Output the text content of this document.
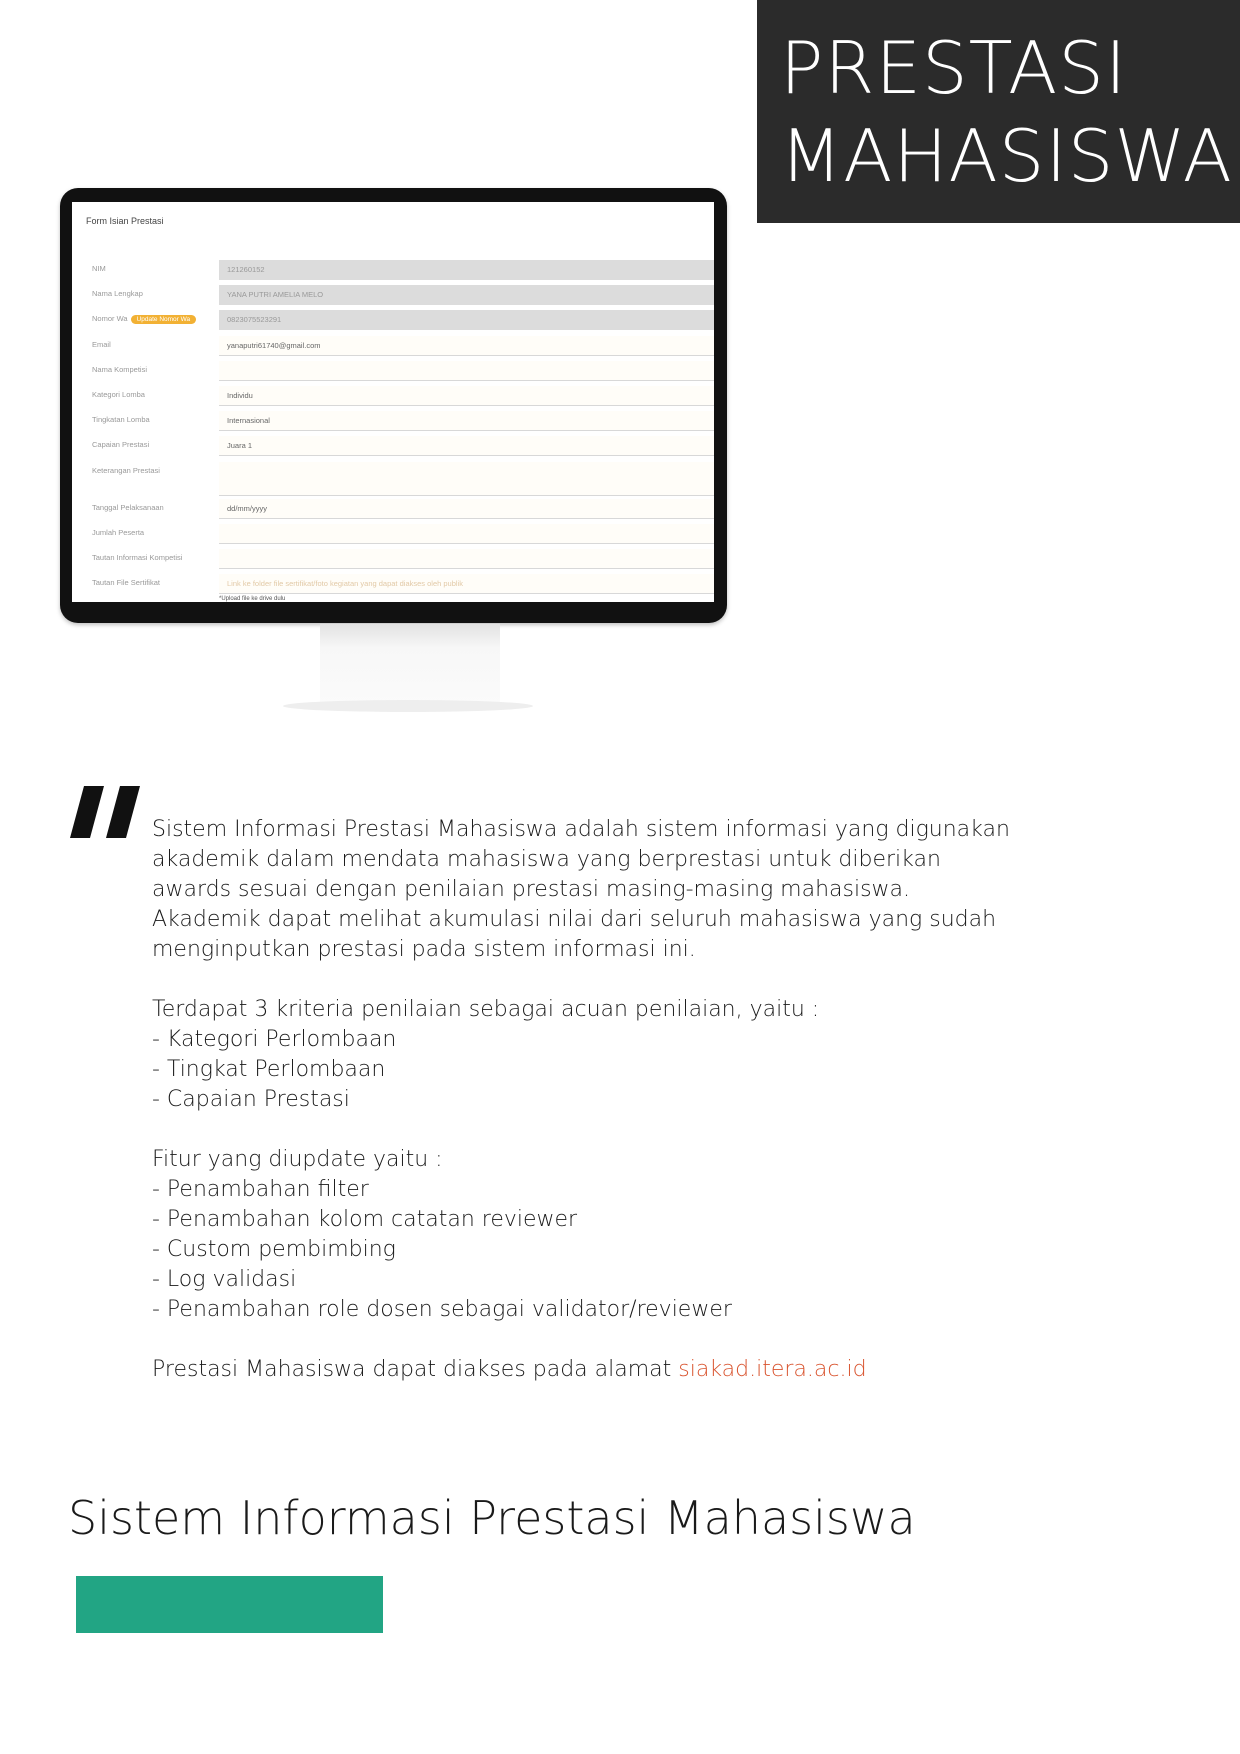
PRESTASI
MAHASISWA
Form Isian Prestasi
NIM	121260152
Nama Lengkap	YANA PUTRI AMELIA MELO
Nomor Wa Update Nomor Wa	0823075523291
Email	yanaputri61740@gmail.com
Nama Kompetisi
Kategori Lomba	Individu
Tingkatan Lomba	Internasional
Capaian Prestasi	Juara 1
Keterangan Prestasi
Tanggal Pelaksanaan	dd/mm/yyyy
Jumlah Peserta
Tautan Informasi Kompetisi
Tautan File Sertifikat	Link ke folder file sertifikat/foto kegiatan yang dapat diakses oleh publik
*Upload file ke drive dulu

Sistem Informasi Prestasi Mahasiswa adalah sistem informasi yang digunakan

akademik dalam mendata mahasiswa yang berprestasi untuk diberikan

awards sesuai dengan penilaian prestasi masing-masing mahasiswa.

Akademik dapat melihat akumulasi nilai dari seluruh mahasiswa yang sudah

menginputkan prestasi pada sistem informasi ini.

Terdapat 3 kriteria penilaian sebagai acuan penilaian, yaitu :

- Kategori Perlombaan

- Tingkat Perlombaan

- Capaian Prestasi

Fitur yang diupdate yaitu :

- Penambahan filter

- Penambahan kolom catatan reviewer

- Custom pembimbing

- Log validasi

- Penambahan role dosen sebagai validator/reviewer

Prestasi Mahasiswa dapat diakses pada alamat siakad.itera.ac.id

Sistem Informasi Prestasi Mahasiswa
